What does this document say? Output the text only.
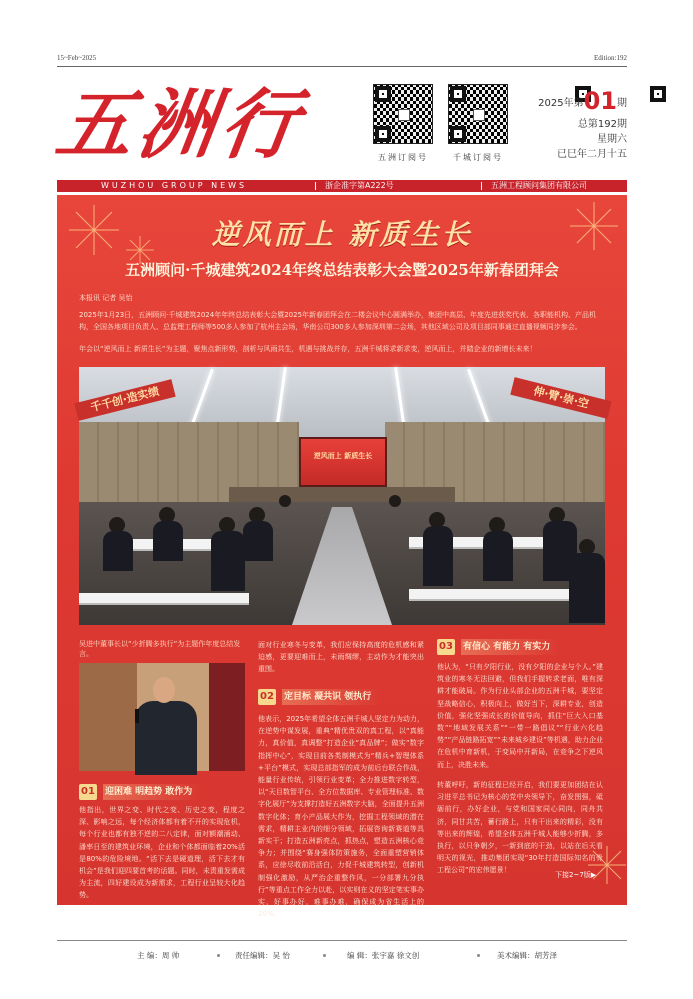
15~Feb~2025	Edition:192
五洲行	五洲订阅号	千城订阅号
2025年第01期
总第192期
星期六
已巳年二月十五
WUZHOU GROUP NEWS	浙企准字第A222号	五洲工程顾问集团有限公司
逆风而上 新质生长
五洲顾问·千城建筑2024年终总结表彰大会暨2025年新春团拜会
本报讯 记者 吴怡
2025年1月23日，五洲顾问·千城建筑2024年年终总结表彰大会暨2025年新春团拜会在二楼会议中心圆满举办，集团中高层、年度先进获奖代表、各职能机构、产品机构，全国各地项目负责人、总监理工程师等500多人参加了杭州主会场，华南公司300多人参加深圳第二会场，其他区域公司及项目部同事通过直播视频同步参会。
年会以“逆风而上 新质生长”为主题，聚焦点新形势，剖析与风雨共生，机遇与挑战并存，五洲千城将求新求变，逆风而上，并踏企业的新增长未来！
千千创·造实绩	伸·臂·崇·空
逆风而上 新质生长
吴进中董事长以“少折腾多执行”为主题作年度总结发言。
01 迎困难 明趋势 敢作为
他指出，世界之变、时代之变、历史之变，程度之深、影响之远，每个经济体都有着不开的实现危机，每个行业也都有独不逆的二八定律，面对额潮涌动、潘率日至的建筑业环境，企业和个体都面临着20%活是80%的危险境地。“活下去是硬道理，活下去才有机会”是我们迎四要首考的话题。同时，未责重发需成为主流，四好建设成为新需求，工程行业呈较大化趋势。
面对行业寒冬与变革，我们应保持高度的危机感和紧迫感，更要迎难而上，未雨绸缪，主动作为才能突出重围。
02 定目标 凝共识 领执行
他表示，2025年希望全体五洲千城人坚定力为动力，在逆势中谋发展，重典“精优贵双的真工程，以“真能力，真价值，真调整”打造企业“真品牌”；做实“数字指挥中心”，实现目前各类制模式为“精兵+智理体系+平台”模式，实现总部指军的成为前后台联合作战，能量行业传统，引领行业变革；全力推进数字转型，以“天目数智平台、全方位数据库、专业管理标准、数字化展厅”为支撑打造好五洲数字大脑，全面提升五洲数字化体；育小产品展大作为，挖掘工程领域的潜在需求，精耕主业内的细分领域，拓展咨询新赛道等具新实干；打造五洲新亮点，抓热点，塑造五洲核心竞争力；并围绕“赛身强体防策施务，全面重塑营销体系，应徐尽收前沿活白，力促千城建筑转型，创新机制强化激励，从严治企重整作风，一分部署九分执行”等重点工作全力以赴，以实则在义的坚定笔实事办实，好事办好，难事办难，确保成为省生活上的20%。
03 有信心 有能力 有实力
他认为，“只有夕阳行业，没有夕阳的企业与个人。”建筑业的寒冬无法回避，但我们手握转求老面，唯有深耕才能破局。作为行业头部企业的五洲千城，要坚定坚战略信心，积极向上，做好当下，深耕专业，创造价值，强化坚强成长的价值导向，抓住“巨大入口基数”“地域发展关系”“一带一路倡议”“行业六化趋势”“产品链路拓宽”“未来城乡建设”等机遇，助力企业在危机中育新机，于变局中开新局，在竞争之下逆风而上，决胜未来。
转董呼吁，新的征程已经开启，我们要更加团结在认习进平总书记为核心的党中央领导下，奋发图强，砥砺前行，办好企业，与党和国家同心同向，同舟共济，同甘共苦，蓄行路上，只有干出来的精彩，没有等出来的辉煌，希望全体五洲千城人能够少折腾，多执行，以只争朝夕，一新到底的干劲，以站在后天看明天的视光，推动集团实现“30年打造国际知名的骨工程公司”的宏伟愿景！
下接2~7版▶
主 编：周 帅	责任编辑：吴 怡	编 辑：张宇嘉 徐文创	美术编辑：胡芳泽
